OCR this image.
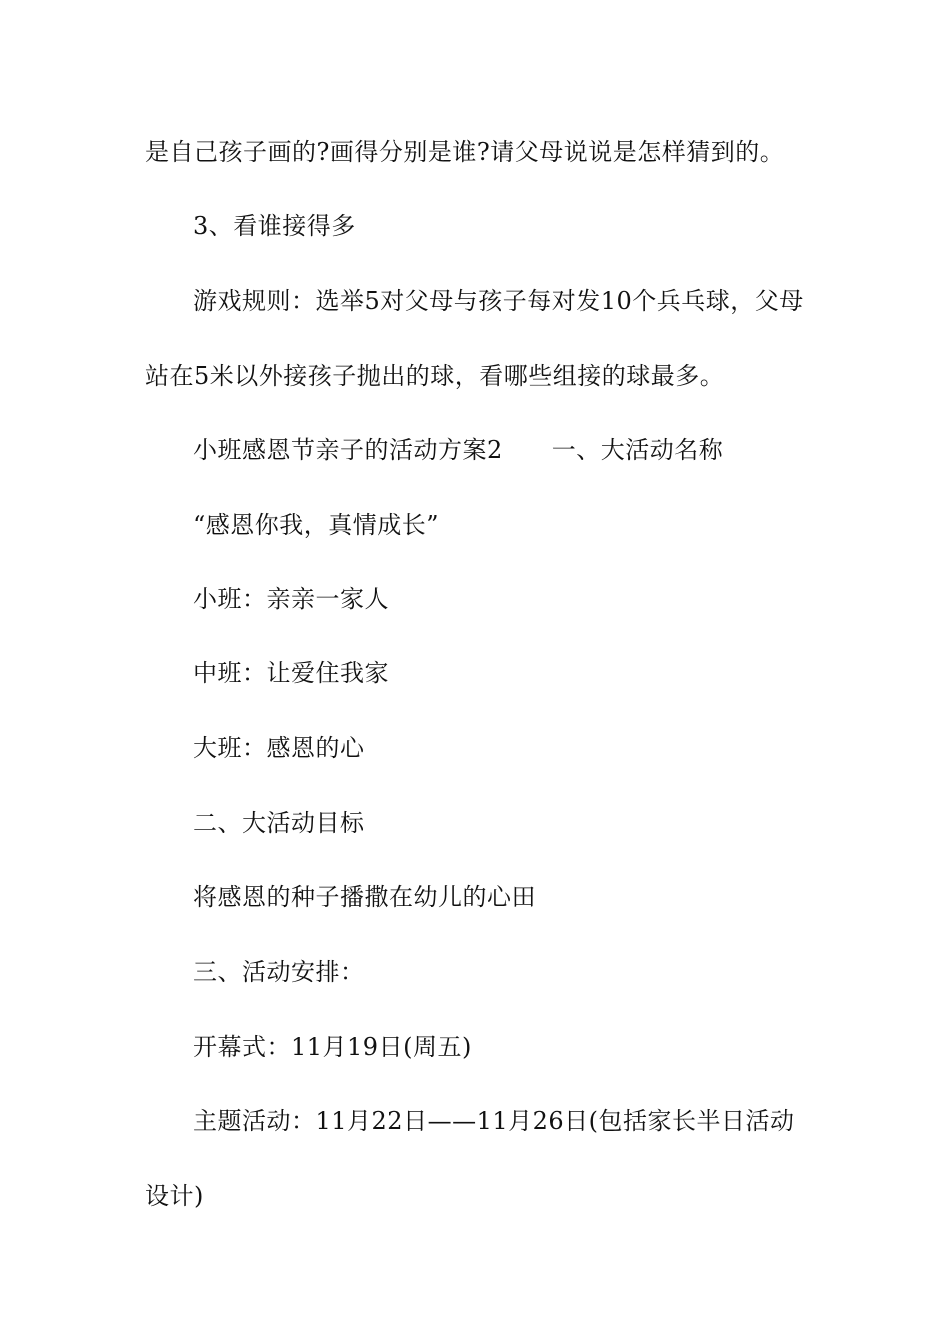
是自己孩子画的?画得分别是谁?请父母说说是怎样猜到的。
3、看谁接得多
游戏规则：选举5对父母与孩子每对发10个兵乓球，父母
站在5米以外接孩子抛出的球，看哪些组接的球最多。
小班感恩节亲子的活动方案2　　一、大活动名称
“感恩你我，真情成长”
小班：亲亲一家人
中班：让爱住我家
大班：感恩的心
二、大活动目标
将感恩的种子播撒在幼儿的心田
三、活动安排：
开幕式：11月19日(周五)
主题活动：11月22日——11月26日(包括家长半日活动
设计)
